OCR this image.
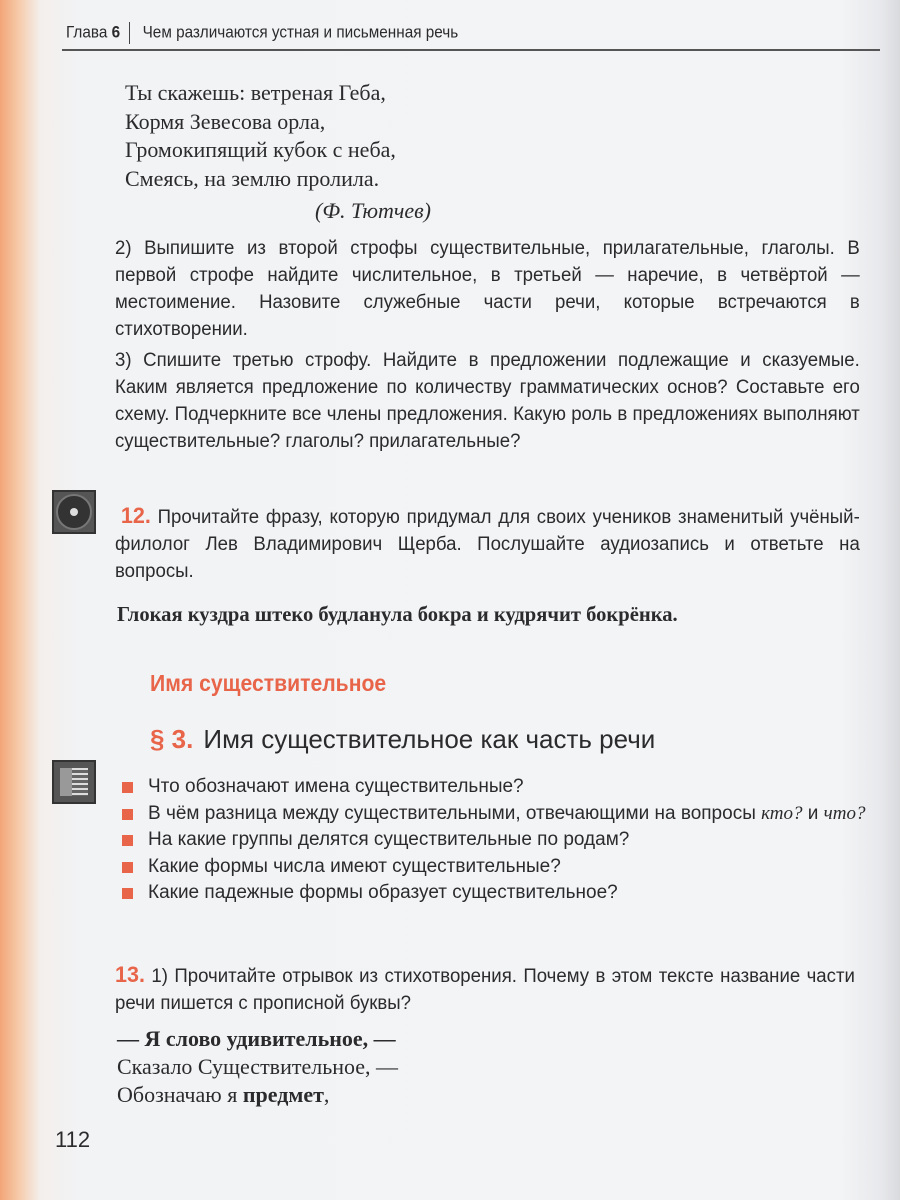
Глава 6 Чем различаются устная и письменная речь
Ты скажешь: ветреная Геба,
Кормя Зевесова орла,
Громокипящий кубок с неба,
Смеясь, на землю пролила.
(Ф. Тютчев)
2) Выпишите из второй строфы существительные, прилагательные, глаголы. В первой строфе найдите числительное, в третьей — наречие, в четвёртой — местоимение. Назовите служебные части речи, которые встречаются в стихотворении.
3) Спишите третью строфу. Найдите в предложении подлежащие и сказуемые. Каким является предложение по количеству грамматических основ? Составьте его схему. Подчеркните все члены предложения. Какую роль в предложениях выполняют существительные? глаголы? прилагательные?
12. Прочитайте фразу, которую придумал для своих учеников знаменитый учёный-филолог Лев Владимирович Щерба. Послушайте аудиозапись и ответьте на вопросы.
Глокая куздра штеко будланула бокра и кудрячит бокрёнка.
Имя существительное
§ 3. Имя существительное как часть речи
Что обозначают имена существительные?
В чём разница между существительными, отвечающими на вопросы кто? и что?
На какие группы делятся существительные по родам?
Какие формы числа имеют существительные?
Какие падежные формы образует существительное?
13. 1) Прочитайте отрывок из стихотворения. Почему в этом тексте название части речи пишется с прописной буквы?
— Я слово удивительное, —
Сказало Существительное, —
Обозначаю я предмет,
112
